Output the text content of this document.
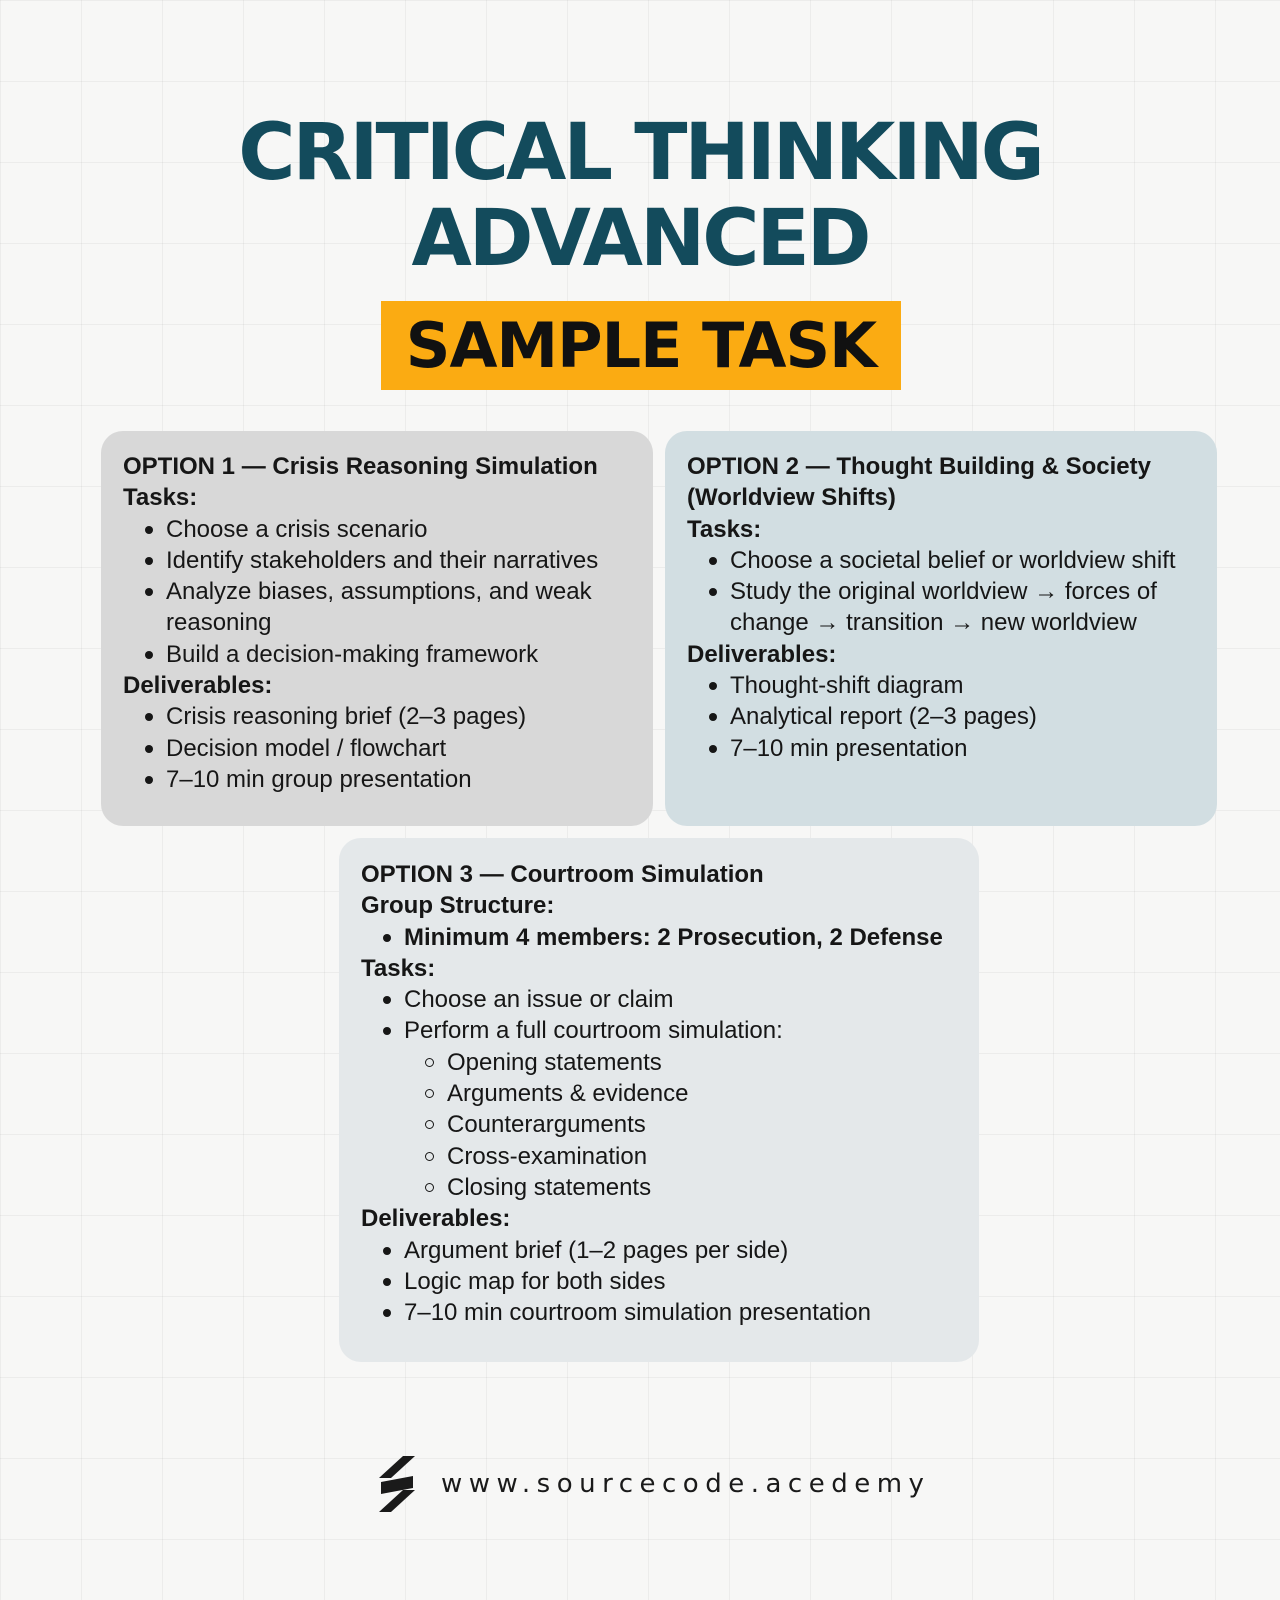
CRITICAL THINKING
ADVANCED
SAMPLE TASK

OPTION 1 — Crisis Reasoning Simulation

Tasks:

Choose a crisis scenario
Identify stakeholders and their narratives
Analyze biases, assumptions, and weak reasoning
Build a decision-making framework

Deliverables:

Crisis reasoning brief (2–3 pages)
Decision model / flowchart
7–10 min group presentation

OPTION 2 — Thought Building & Society (Worldview Shifts)

Tasks:

Choose a societal belief or worldview shift
Study the original worldview → forces of change → transition → new worldview

Deliverables:

Thought-shift diagram
Analytical report (2–3 pages)
7–10 min presentation

OPTION 3 — Courtroom Simulation

Group Structure:

Minimum 4 members: 2 Prosecution, 2 Defense

Tasks:

Choose an issue or claim
Perform a full courtroom simulation:
Opening statements
Arguments & evidence
Counterarguments
Cross-examination
Closing statements

Deliverables:

Argument brief (1–2 pages per side)
Logic map for both sides
7–10 min courtroom simulation presentation
www.sourcecode.acedemy
